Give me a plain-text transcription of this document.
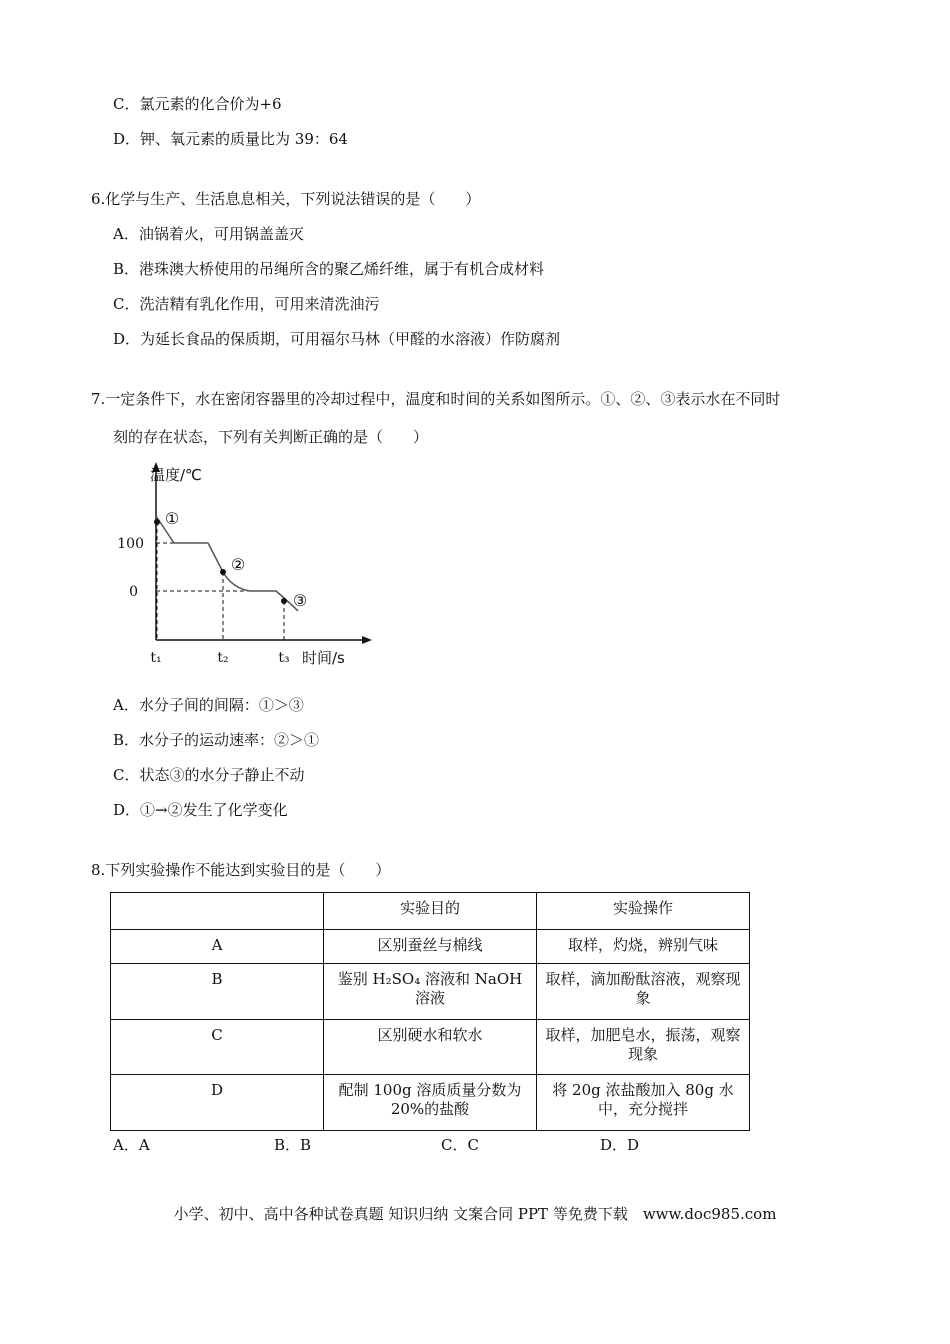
C．氯元素的化合价为+6
D．钾、氧元素的质量比为 39：64
6.化学与生产、生活息息相关，下列说法错误的是（　　）
A．油锅着火，可用锅盖盖灭
B．港珠澳大桥使用的吊绳所含的聚乙烯纤维，属于有机合成材料
C．洗洁精有乳化作用，可用来清洗油污
D．为延长食品的保质期，可用福尔马林（甲醛的水溶液）作防腐剂
7.一定条件下，水在密闭容器里的冷却过程中，温度和时间的关系如图所示。①、②、③表示水在不同时
刻的存在状态，下列有关判断正确的是（　　）
温度/℃
时间/s
100
0
t₁	t₂	t₃
①
②
③
A．水分子间的间隔：①＞③
B．水分子的运动速率：②＞①
C．状态③的水分子静止不动
D．①→②发生了化学变化
8.下列实验操作不能达到实验目的是（　　）
	实验目的	实验操作
A	区别蚕丝与棉线	取样，灼烧，辨别气味
B	鉴别 H₂SO₄ 溶液和 NaOH 溶液	取样，滴加酚酞溶液，观察现象
C	区别硬水和软水	取样，加肥皂水，振荡，观察现象
D	配制 100g 溶质质量分数为 20%的盐酸	将 20g 浓盐酸加入 80g 水中，充分搅拌
A．A	B．B	C．C	D．D
小学、初中、高中各种试卷真题 知识归纳 文案合同 PPT 等免费下载　www.doc985.com
